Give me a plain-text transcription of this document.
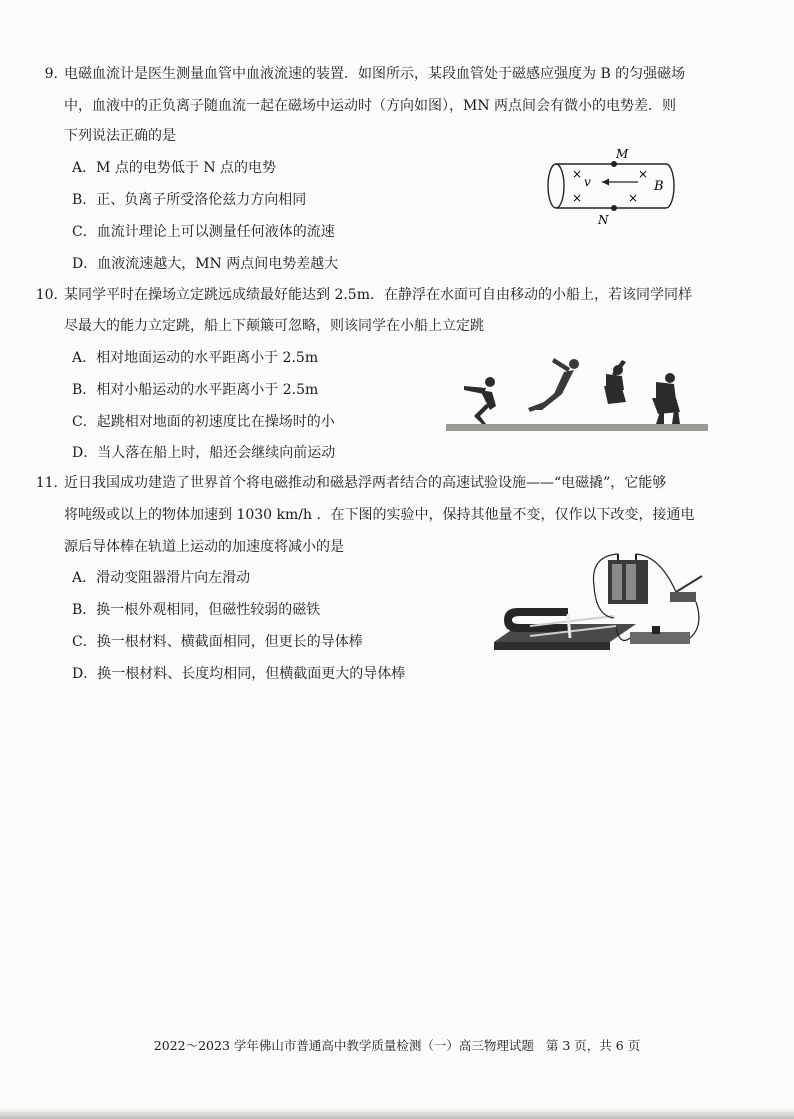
9. 电磁血流计是医生测量血管中血液流速的装置．如图所示，某段血管处于磁感应强度为 B 的匀强磁场
中，血液中的正负离子随血流一起在磁场中运动时（方向如图），MN 两点间会有微小的电势差．则
下列说法正确的是
A．M 点的电势低于 N 点的电势
B．正、负离子所受洛伦兹力方向相同
C．血流计理论上可以测量任何液体的流速
D．血液流速越大，MN 两点间电势差越大
M
N
B
v
×	×
×	×
10. 某同学平时在操场立定跳远成绩最好能达到 2.5m．在静浮在水面可自由移动的小船上，若该同学同样
尽最大的能力立定跳，船上下颠簸可忽略，则该同学在小船上立定跳
A．相对地面运动的水平距离小于 2.5m
B．相对小船运动的水平距离小于 2.5m
C．起跳相对地面的初速度比在操场时的小
D．当人落在船上时，船还会继续向前运动
11. 近日我国成功建造了世界首个将电磁推动和磁悬浮两者结合的高速试验设施——“电磁撬”，它能够
将吨级或以上的物体加速到 1030 km/h ．在下图的实验中，保持其他量不变，仅作以下改变，接通电
源后导体棒在轨道上运动的加速度将减小的是
A．滑动变阻器滑片向左滑动
B．换一根外观相同，但磁性较弱的磁铁
C．换一根材料、横截面相同，但更长的导体棒
D．换一根材料、长度均相同，但横截面更大的导体棒
2022～2023 学年佛山市普通高中教学质量检测（一）高三物理试题 第 3 页，共 6 页
